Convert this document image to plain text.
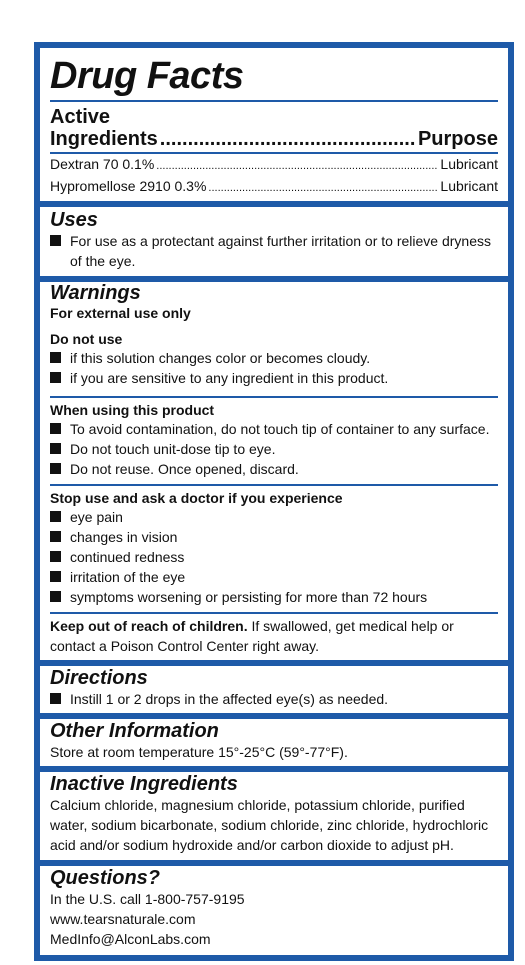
Drug Facts
Active
Ingredients .....	Purpose
Dextran 70 0.1% .....	Lubricant
Hypromellose 2910 0.3% .....	Lubricant
Uses
For use as a protectant against further irritation or to relieve dryness of the eye.
Warnings
For external use only
Do not use
if this solution changes color or becomes cloudy.
if you are sensitive to any ingredient in this product.
When using this product
To avoid contamination, do not touch tip of container to any surface.
Do not touch unit-dose tip to eye.
Do not reuse. Once opened, discard.
Stop use and ask a doctor if you experience
eye pain
changes in vision
continued redness
irritation of the eye
symptoms worsening or persisting for more than 72 hours
Keep out of reach of children. If swallowed, get medical help or contact a Poison Control Center right away.
Directions
Instill 1 or 2 drops in the affected eye(s) as needed.
Other Information
Store at room temperature 15°-25°C (59°-77°F).
Inactive Ingredients
Calcium chloride, magnesium chloride, potassium chloride, purified water, sodium bicarbonate, sodium chloride, zinc chloride, hydrochloric acid and/or sodium hydroxide and/or carbon dioxide to adjust pH.
Questions?
In the U.S. call 1-800-757-9195
www.tearsnaturale.com
MedInfo@AlconLabs.com
